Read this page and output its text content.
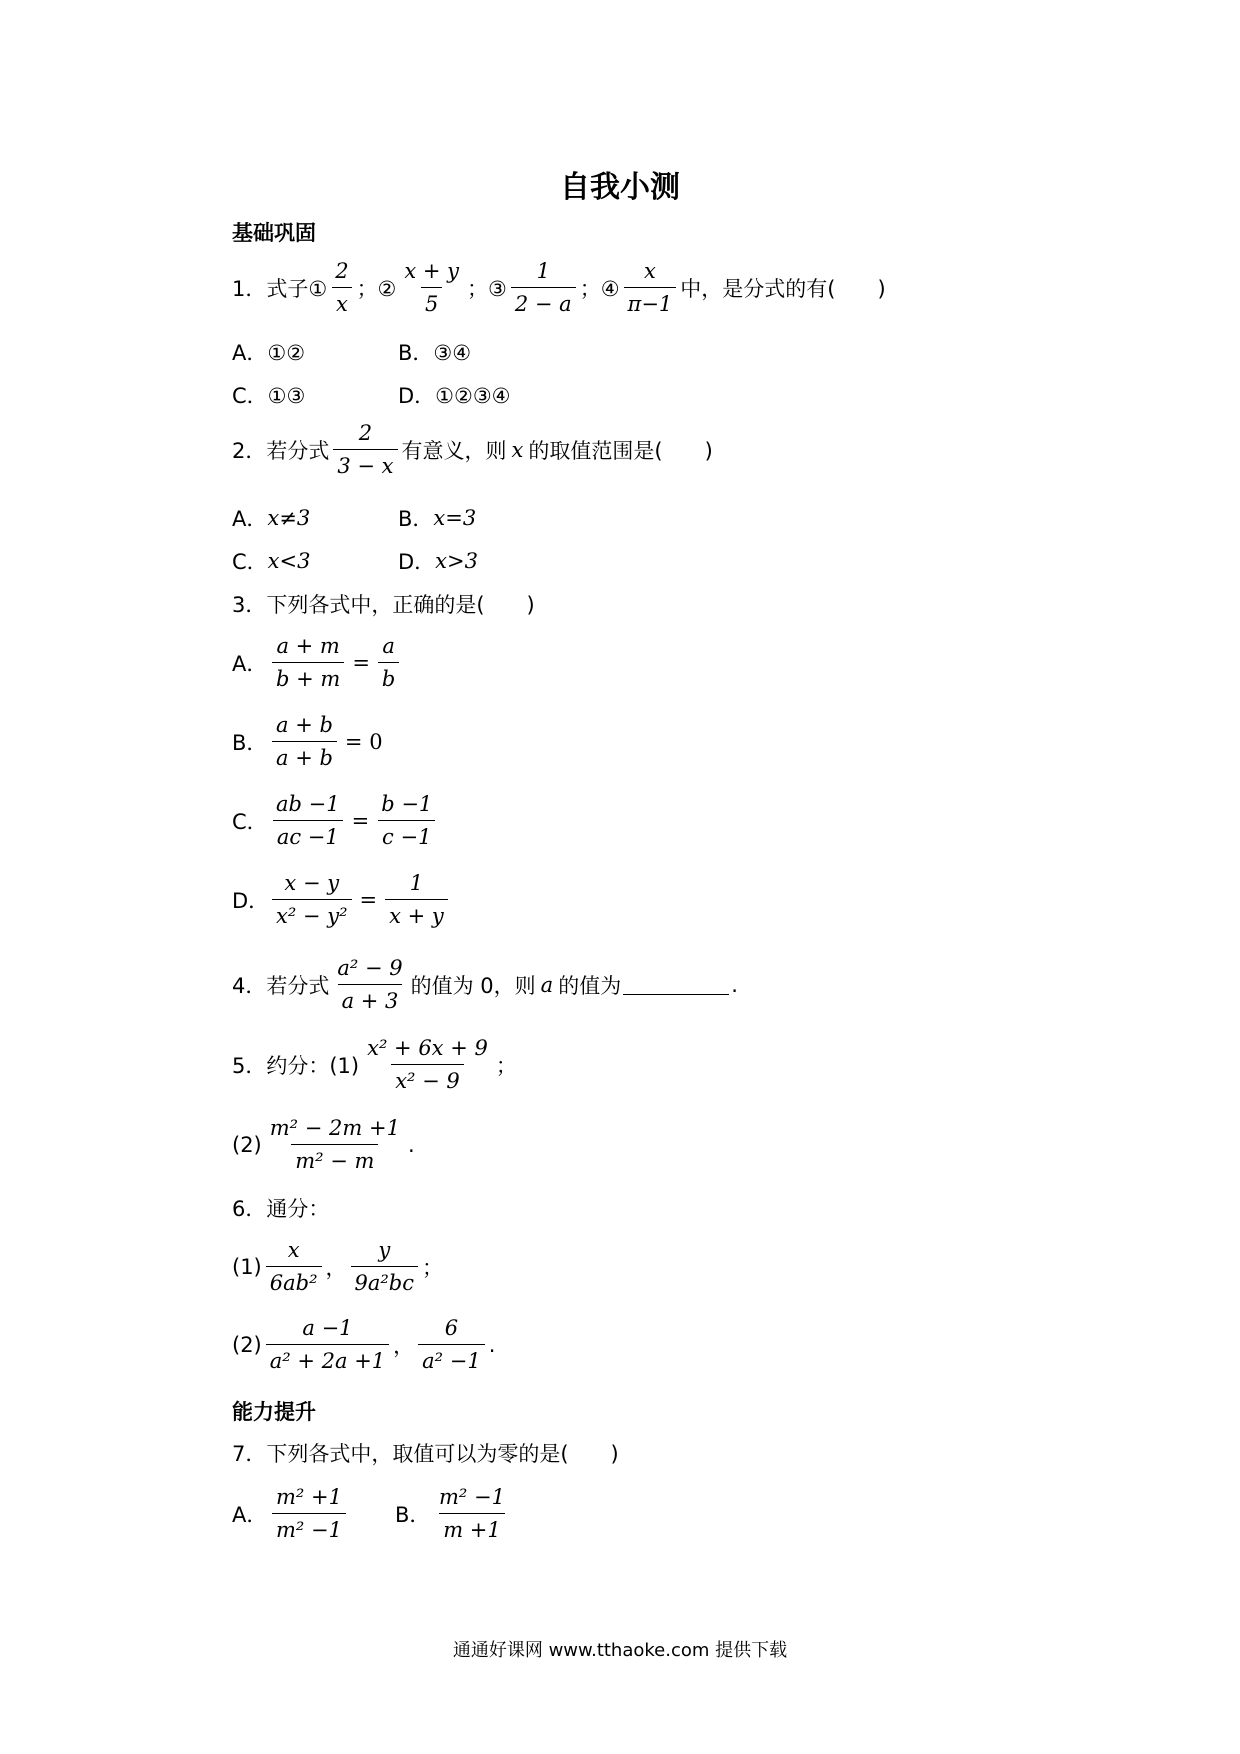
自我小测
基础巩固
1．式子① $\frac{2}{x}$ ；② $\frac{x + y}{5}$ ；③ $\frac{1}{2 - a}$ ；④ $\frac{x}{\pi-1}$ 中，是分式的有(　　)
A．①②	B．③④
C．①③	D．①②③④
2．若分式 $\frac{2}{3 - x}$ 有意义，则 x 的取值范围是(　　)
A． x≠3	B． x=3
C． x<3	D． x>3
3．下列各式中，正确的是(　　)
A． $\frac{a + m}{b + m} = \frac{a}{b}$
B． $\frac{a + b}{a + b} = 0$
C． $\frac{ab -1}{ac -1} = \frac{b -1}{c -1}$
D． $\frac{x - y}{\text{x² − y²}} = \frac{1}{x + y}$
4．若分式 $\frac{\text{a² − 9}}{a + 3}$ 的值为 0，则 a 的值为	.
5．约分：$(1) \frac{\text{x² + 6x + 9}}{\text{x² − 9}}$ ；
$(2) \frac{\text{m² − 2m +1}}{\text{m² − m}}$ .
6．通分：
$(1) \frac{x}{\text{6ab²}}$ ， $\frac{y}{\text{9a²bc}}$ ；
$(2) \frac{a -1}{\text{a² + 2a +1}}$ ， $\frac{6}{\text{a² −1}}$ .
能力提升
7．下列各式中，取值可以为零的是(　　)
A． $\frac{\text{m² +1}}{\text{m² −1}}$ B． $\frac{\text{m² −1}}{m +1}$
通通好课网 www.tthaoke.com 提供下载
